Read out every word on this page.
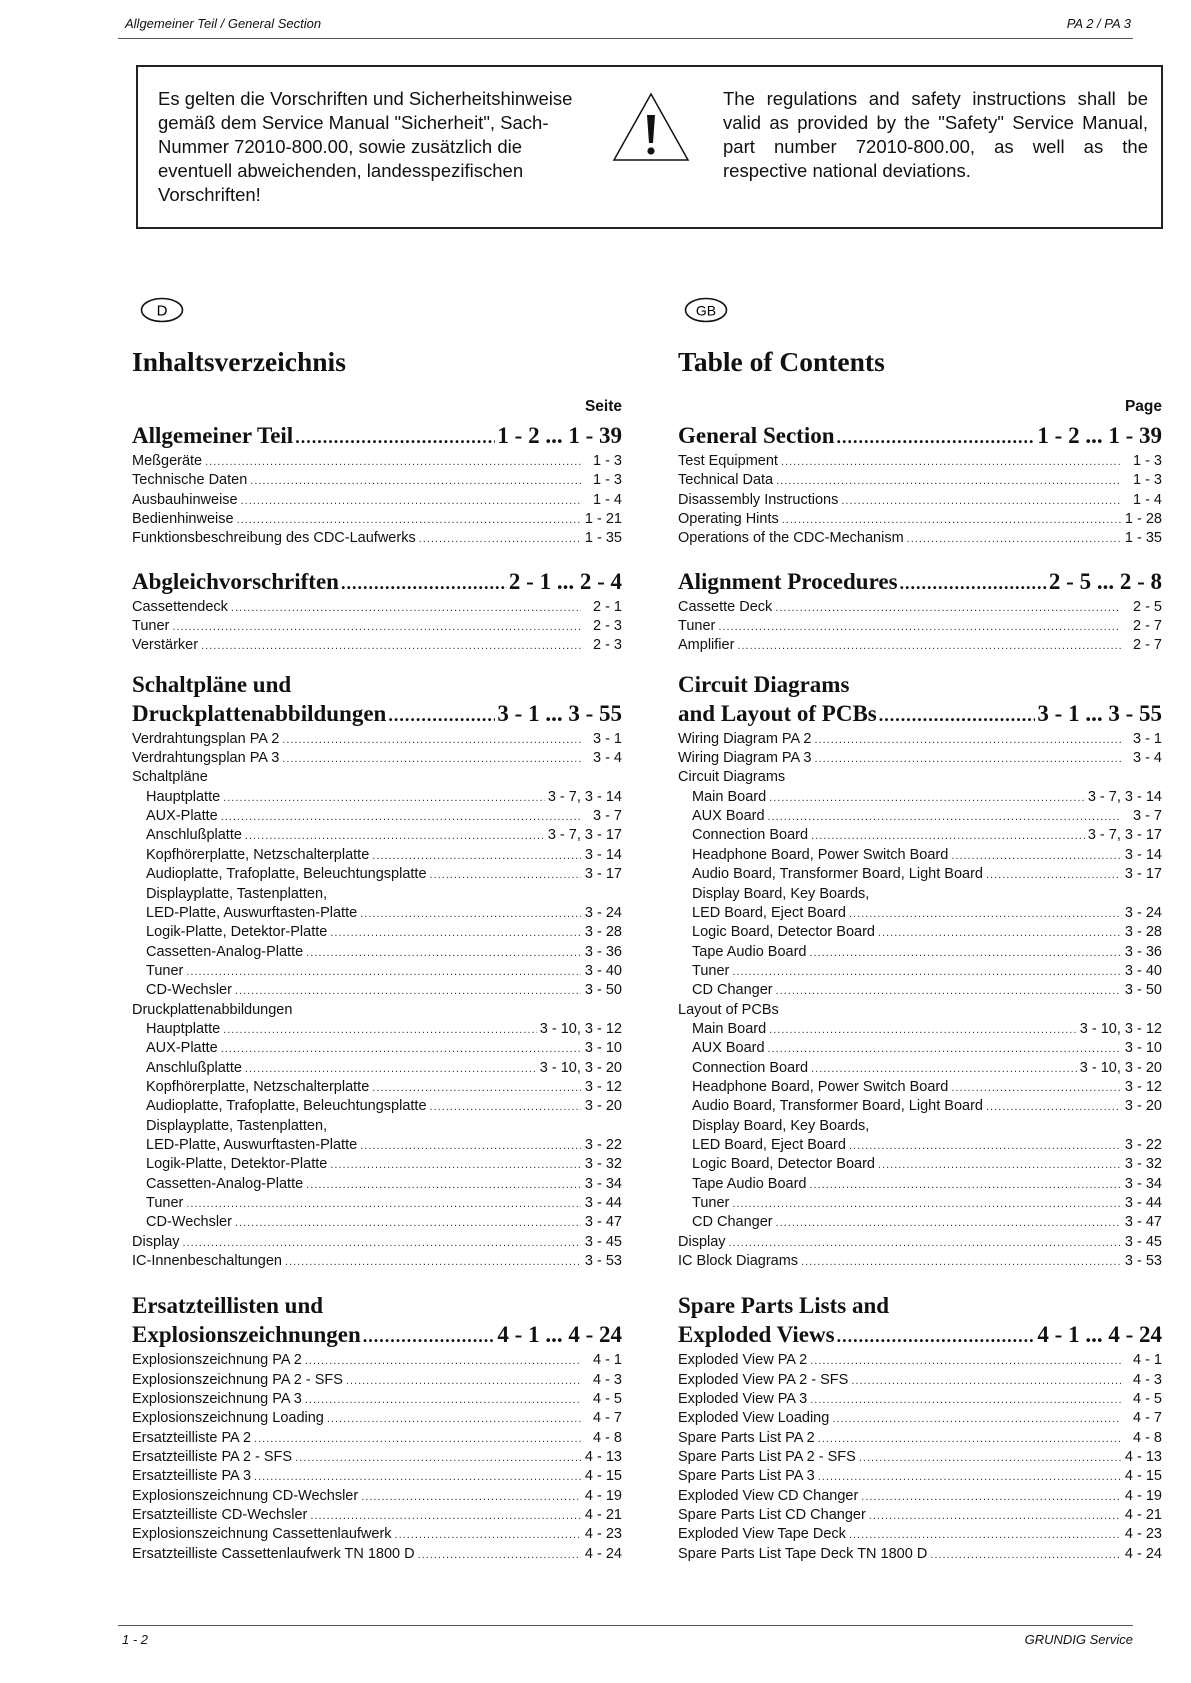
Allgemeiner Teil / General Section	PA 2 / PA 3
Es gelten die Vorschriften und Sicherheitshinweise gemäß dem Service Manual "Sicherheit", Sach-Nummer 72010-800.00, sowie zusätzlich die eventuell abweichenden, landesspezifischen Vorschriften!
The regulations and safety instructions shall be valid as provided by the "Safety" Service Manual, part number 72010-800.00, as well as the respective national deviations.
D	GB
Inhaltsverzeichnis
Seite
Allgemeiner Teil .....	1 - 2 ... 1 - 39
Meßgeräte .....	1 - 3
Technische Daten .....	1 - 3
Ausbauhinweise .....	1 - 4
Bedienhinweise .....	1 - 21
Funktionsbeschreibung des CDC-Laufwerks .....	1 - 35
Abgleichvorschriften .....	2 - 1 ... 2 - 4
Cassettendeck .....	2 - 1
Tuner .....	2 - 3
Verstärker .....	2 - 3
Schaltpläne und
Druckplattenabbildungen .....	3 - 1 ... 3 - 55
Verdrahtungsplan PA 2 .....	3 - 1
Verdrahtungsplan PA 3 .....	3 - 4
Schaltpläne
Hauptplatte .....	3 - 7, 3 - 14
AUX-Platte .....	3 - 7
Anschlußplatte .....	3 - 7, 3 - 17
Kopfhörerplatte, Netzschalterplatte .....	3 - 14
Audioplatte, Trafoplatte, Beleuchtungsplatte .....	3 - 17
Displayplatte, Tastenplatten,
LED-Platte, Auswurftasten-Platte .....	3 - 24
Logik-Platte, Detektor-Platte .....	3 - 28
Cassetten-Analog-Platte .....	3 - 36
Tuner .....	3 - 40
CD-Wechsler .....	3 - 50
Druckplattenabbildungen
Hauptplatte .....	3 - 10, 3 - 12
AUX-Platte .....	3 - 10
Anschlußplatte .....	3 - 10, 3 - 20
Kopfhörerplatte, Netzschalterplatte .....	3 - 12
Audioplatte, Trafoplatte, Beleuchtungsplatte .....	3 - 20
Displayplatte, Tastenplatten,
LED-Platte, Auswurftasten-Platte .....	3 - 22
Logik-Platte, Detektor-Platte .....	3 - 32
Cassetten-Analog-Platte .....	3 - 34
Tuner .....	3 - 44
CD-Wechsler .....	3 - 47
Display .....	3 - 45
IC-Innenbeschaltungen .....	3 - 53
Ersatzteillisten und
Explosionszeichnungen .....	4 - 1 ... 4 - 24
Explosionszeichnung PA 2 .....	4 - 1
Explosionszeichnung PA 2 - SFS .....	4 - 3
Explosionszeichnung PA 3 .....	4 - 5
Explosionszeichnung Loading .....	4 - 7
Ersatzteilliste PA 2 .....	4 - 8
Ersatzteilliste PA 2 - SFS .....	4 - 13
Ersatzteilliste PA 3 .....	4 - 15
Explosionszeichnung CD-Wechsler .....	4 - 19
Ersatzteilliste CD-Wechsler .....	4 - 21
Explosionszeichnung Cassettenlaufwerk .....	4 - 23
Ersatzteilliste Cassettenlaufwerk TN 1800 D .....	4 - 24
Table of Contents
Page
General Section .....	1 - 2 ... 1 - 39
Test Equipment .....	1 - 3
Technical Data .....	1 - 3
Disassembly Instructions .....	1 - 4
Operating Hints .....	1 - 28
Operations of the CDC-Mechanism .....	1 - 35
Alignment Procedures .....	2 - 5 ... 2 - 8
Cassette Deck .....	2 - 5
Tuner .....	2 - 7
Amplifier .....	2 - 7
Circuit Diagrams
and Layout of PCBs .....	3 - 1 ... 3 - 55
Wiring Diagram PA 2 .....	3 - 1
Wiring Diagram PA 3 .....	3 - 4
Circuit Diagrams
Main Board .....	3 - 7, 3 - 14
AUX Board .....	3 - 7
Connection Board .....	3 - 7, 3 - 17
Headphone Board, Power Switch Board .....	3 - 14
Audio Board, Transformer Board, Light Board .....	3 - 17
Display Board, Key Boards,
LED Board, Eject Board .....	3 - 24
Logic Board, Detector Board .....	3 - 28
Tape Audio Board .....	3 - 36
Tuner .....	3 - 40
CD Changer .....	3 - 50
Layout of PCBs
Main Board .....	3 - 10, 3 - 12
AUX Board .....	3 - 10
Connection Board .....	3 - 10, 3 - 20
Headphone Board, Power Switch Board .....	3 - 12
Audio Board, Transformer Board, Light Board .....	3 - 20
Display Board, Key Boards,
LED Board, Eject Board .....	3 - 22
Logic Board, Detector Board .....	3 - 32
Tape Audio Board .....	3 - 34
Tuner .....	3 - 44
CD Changer .....	3 - 47
Display .....	3 - 45
IC Block Diagrams .....	3 - 53
Spare Parts Lists and
Exploded Views .....	4 - 1 ... 4 - 24
Exploded View PA 2 .....	4 - 1
Exploded View PA 2 - SFS .....	4 - 3
Exploded View PA 3 .....	4 - 5
Exploded View Loading .....	4 - 7
Spare Parts List PA 2 .....	4 - 8
Spare Parts List PA 2 - SFS .....	4 - 13
Spare Parts List PA 3 .....	4 - 15
Exploded View CD Changer .....	4 - 19
Spare Parts List CD Changer .....	4 - 21
Exploded View Tape Deck .....	4 - 23
Spare Parts List Tape Deck TN 1800 D .....	4 - 24
1 - 2	GRUNDIG Service
